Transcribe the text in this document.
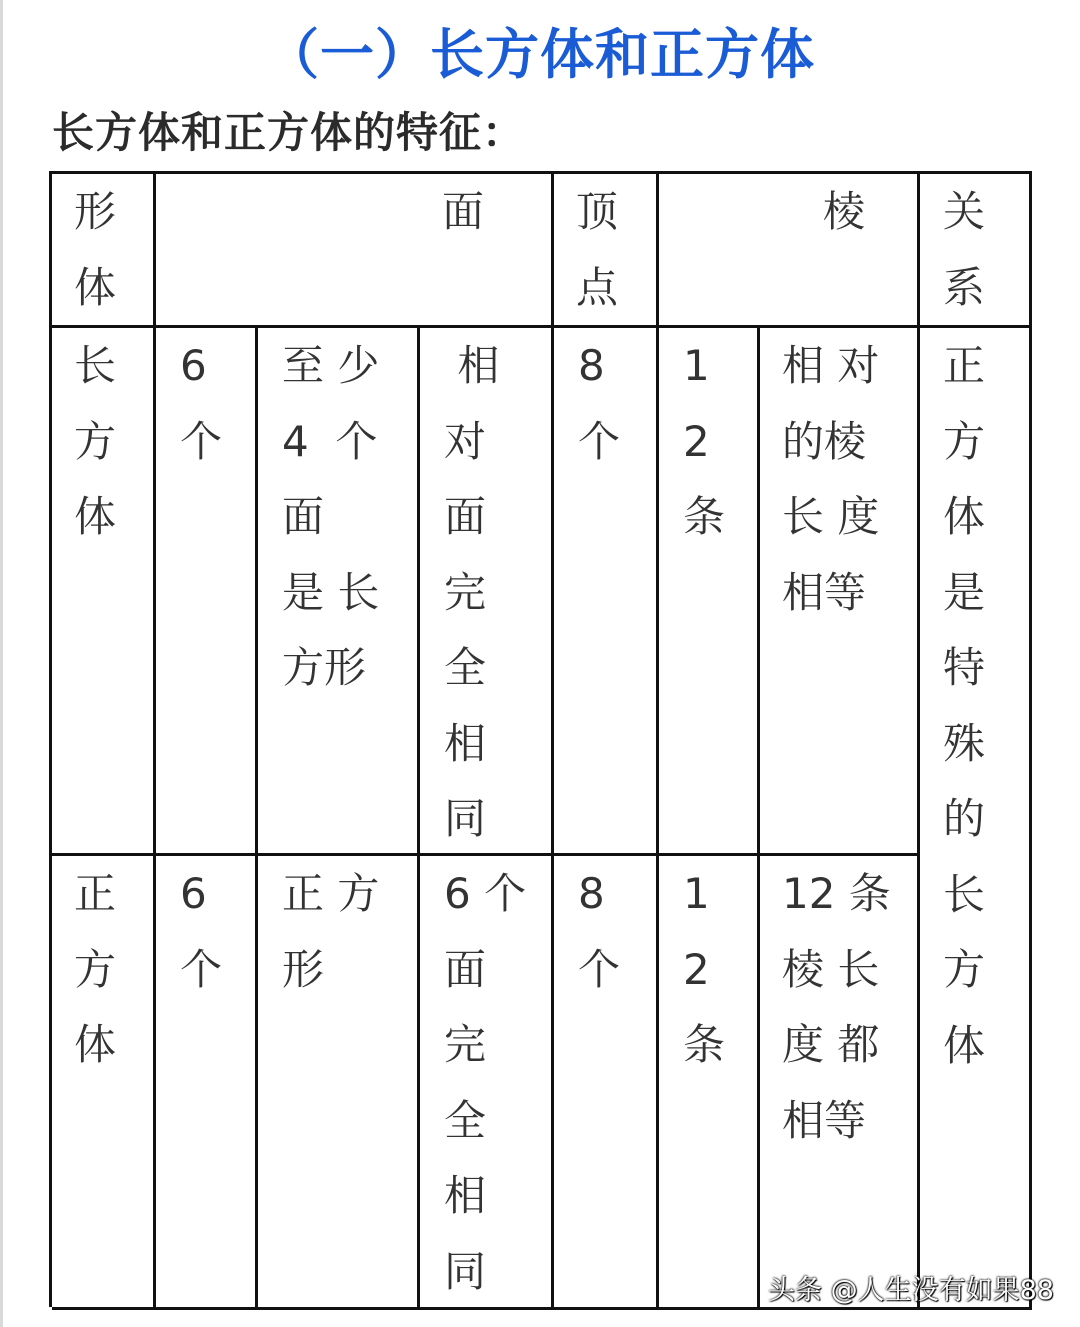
（一）长方体和正方体
长方体和正方体的特征：
形
体
面 顶
点
棱 关
系
长
方
体
6
个
至 少
4  个
面
是 长
方形
相
对
面
完
全
相
同
8
个
1
2
条
相 对
的棱
长 度
相等
正
方
体
6
个
正 方
形
6 个
面
完
全
相
同
8
个
1
2
条
12 条
棱 长
度 都
相等
正
方
体
是
特
殊
的
长
方
体
头条 @人生没有如果88
